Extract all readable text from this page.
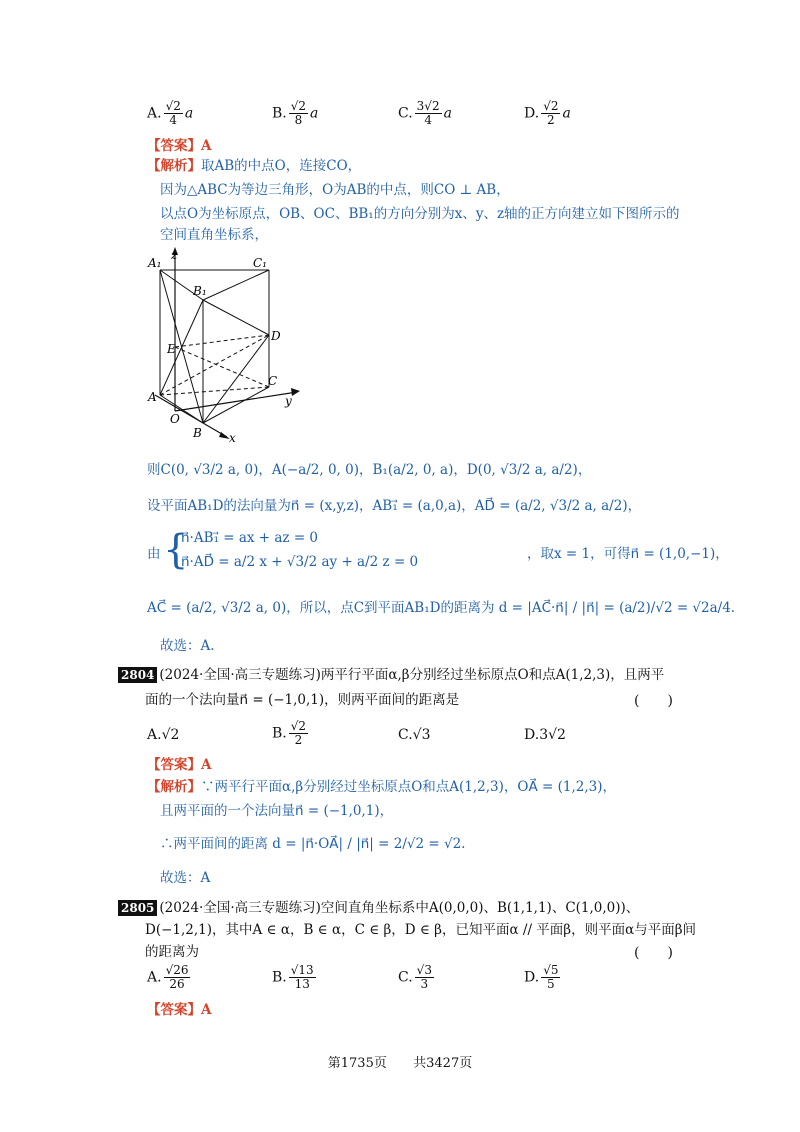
A. $\frac{√2}{4}$ a	B. $\frac{√2}{8}$ a	C. $\frac{3√2}{4}$ a	D. $\frac{√2}{2}$ a
【答案】A
【解析】取AB的中点O，连接CO，
因为△ABC为等边三角形，O为AB的中点，则CO ⊥ AB，
以点O为坐标原点，OB、OC、BB₁的方向分别为x、y、z轴的正方向建立如下图所示的
空间直角坐标系，
z
A₁	C₁
B₁
D
E
C
y
A
O
B x
则C(0, √3/2 a, 0)，A(−a/2, 0, 0)，B₁(a/2, 0, a)，D(0, √3/2 a, a/2)，
设平面AB₁D的法向量为n⃗ = (x,y,z)，AB₁⃗ = (a,0,a)，AD⃗ = (a/2, √3/2 a, a/2)，
由 {
n⃗·AB₁⃗ = ax + az = 0
n⃗·AD⃗ = a/2 x + √3/2 ay + a/2 z = 0	，取x = 1，可得n⃗ = (1,0,−1)，
AC⃗ = (a/2, √3/2 a, 0)，所以，点C到平面AB₁D的距离为 d = |AC⃗·n⃗| / |n⃗| = (a/2)/√2 = √2a/4.
故选：A.
2804 (2024·全国·高三专题练习)两平行平面α,β分别经过坐标原点O和点A(1,2,3)，且两平
面的一个法向量n⃗ = (−1,0,1)，则两平面间的距离是	(　　)
A.√2	B. $\frac{√2}{2}$	C.√3	D.3√2
【答案】A
【解析】∵两平行平面α,β分别经过坐标原点O和点A(1,2,3)，OA⃗ = (1,2,3)，
且两平面的一个法向量n⃗ = (−1,0,1)，
∴两平面间的距离 d = |n⃗·OA⃗| / |n⃗| = 2/√2 = √2.
故选：A
2805 (2024·全国·高三专题练习)空间直角坐标系中A(0,0,0)、B(1,1,1)、C(1,0,0))、
D(−1,2,1)，其中A ∈ α，B ∈ α，C ∈ β，D ∈ β，已知平面α // 平面β，则平面α与平面β间
的距离为	(　　)
A. $\frac{√26}{26}$	B. $\frac{√13}{13}$	C. $\frac{√3}{3}$	D. $\frac{√5}{5}$
【答案】A
第1735页 共3427页
